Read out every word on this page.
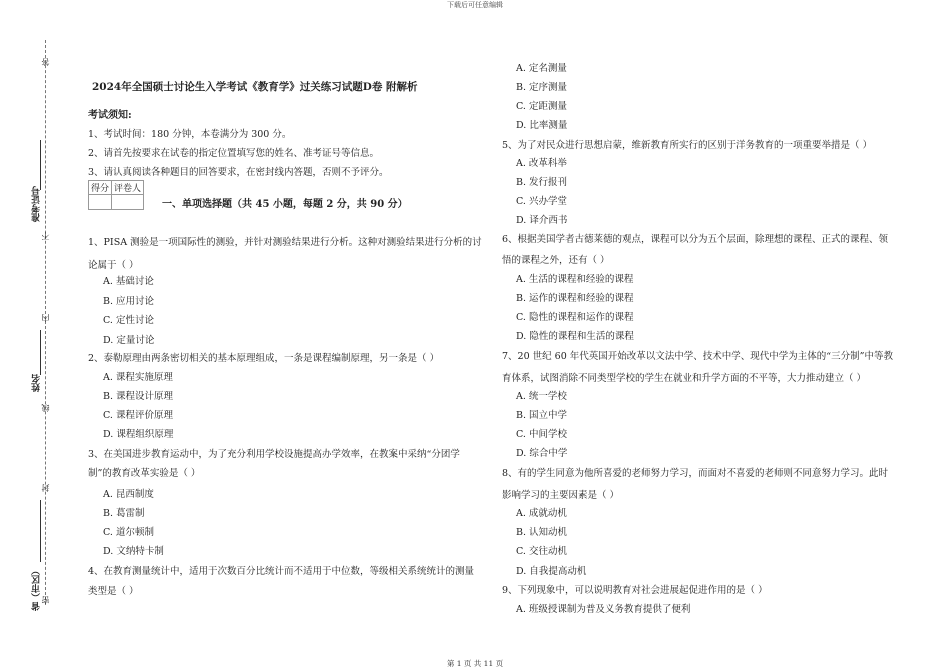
下载后可任意编辑
答
准考证号
不
内
姓名
线
封
省（市区） 密
2024年全国硕士讨论生入学考试《教育学》过关练习试题D卷 附解析
考试须知:
1、考试时间：180 分钟，本卷满分为 300 分。
2、请首先按要求在试卷的指定位置填写您的姓名、准考证号等信息。
3、请认真阅读各种题目的回答要求，在密封线内答题，否则不予评分。
得分	评卷人

一、单项选择题（共 45 小题，每题 2 分，共 90 分）
1、PISA 测验是一项国际性的测验，并针对测验结果进行分析。这种对测验结果进行分析的讨
论属于（ ）
A. 基础讨论
B. 应用讨论
C. 定性讨论
D. 定量讨论
2、泰勒原理由两条密切相关的基本原理组成，一条是课程编制原理，另一条是（ ）
A. 课程实施原理
B. 课程设计原理
C. 课程评价原理
D. 课程组织原理
3、在美国进步教育运动中，为了充分利用学校设施提高办学效率，在教案中采纳“分团学
制”的教育改革实验是（ ）
A. 昆西制度
B. 葛雷制
C. 道尔顿制
D. 文纳特卡制
4、在教育测量统计中，适用于次数百分比统计而不适用于中位数，等级相关系统统计的测量
类型是（ ）
A. 定名测量
B. 定序测量
C. 定距测量
D. 比率测量
5、为了对民众进行思想启蒙，维新教育所实行的区别于洋务教育的一项重要举措是（ ）
A. 改革科举
B. 发行报刊
C. 兴办学堂
D. 译介西书
6、根据美国学者古德莱德的观点，课程可以分为五个层面，除理想的课程、正式的课程、领
悟的课程之外，还有（ ）
A. 生活的课程和经验的课程
B. 运作的课程和经验的课程
C. 隐性的课程和运作的课程
D. 隐性的课程和生活的课程
7、20 世纪 60 年代英国开始改革以文法中学、技术中学、现代中学为主体的“三分制”中等教
育体系，试图消除不同类型学校的学生在就业和升学方面的不平等，大力推动建立（ ）
A. 统一学校
B. 国立中学
C. 中间学校
D. 综合中学
8、有的学生同意为他所喜爱的老师努力学习，而面对不喜爱的老师则不同意努力学习。此时
影响学习的主要因素是（ ）
A. 成就动机
B. 认知动机
C. 交往动机
D. 自我提高动机
9、下列现象中，可以说明教育对社会进展起促进作用的是（ ）
A. 班级授课制为普及义务教育提供了便利
第 1 页 共 11 页
